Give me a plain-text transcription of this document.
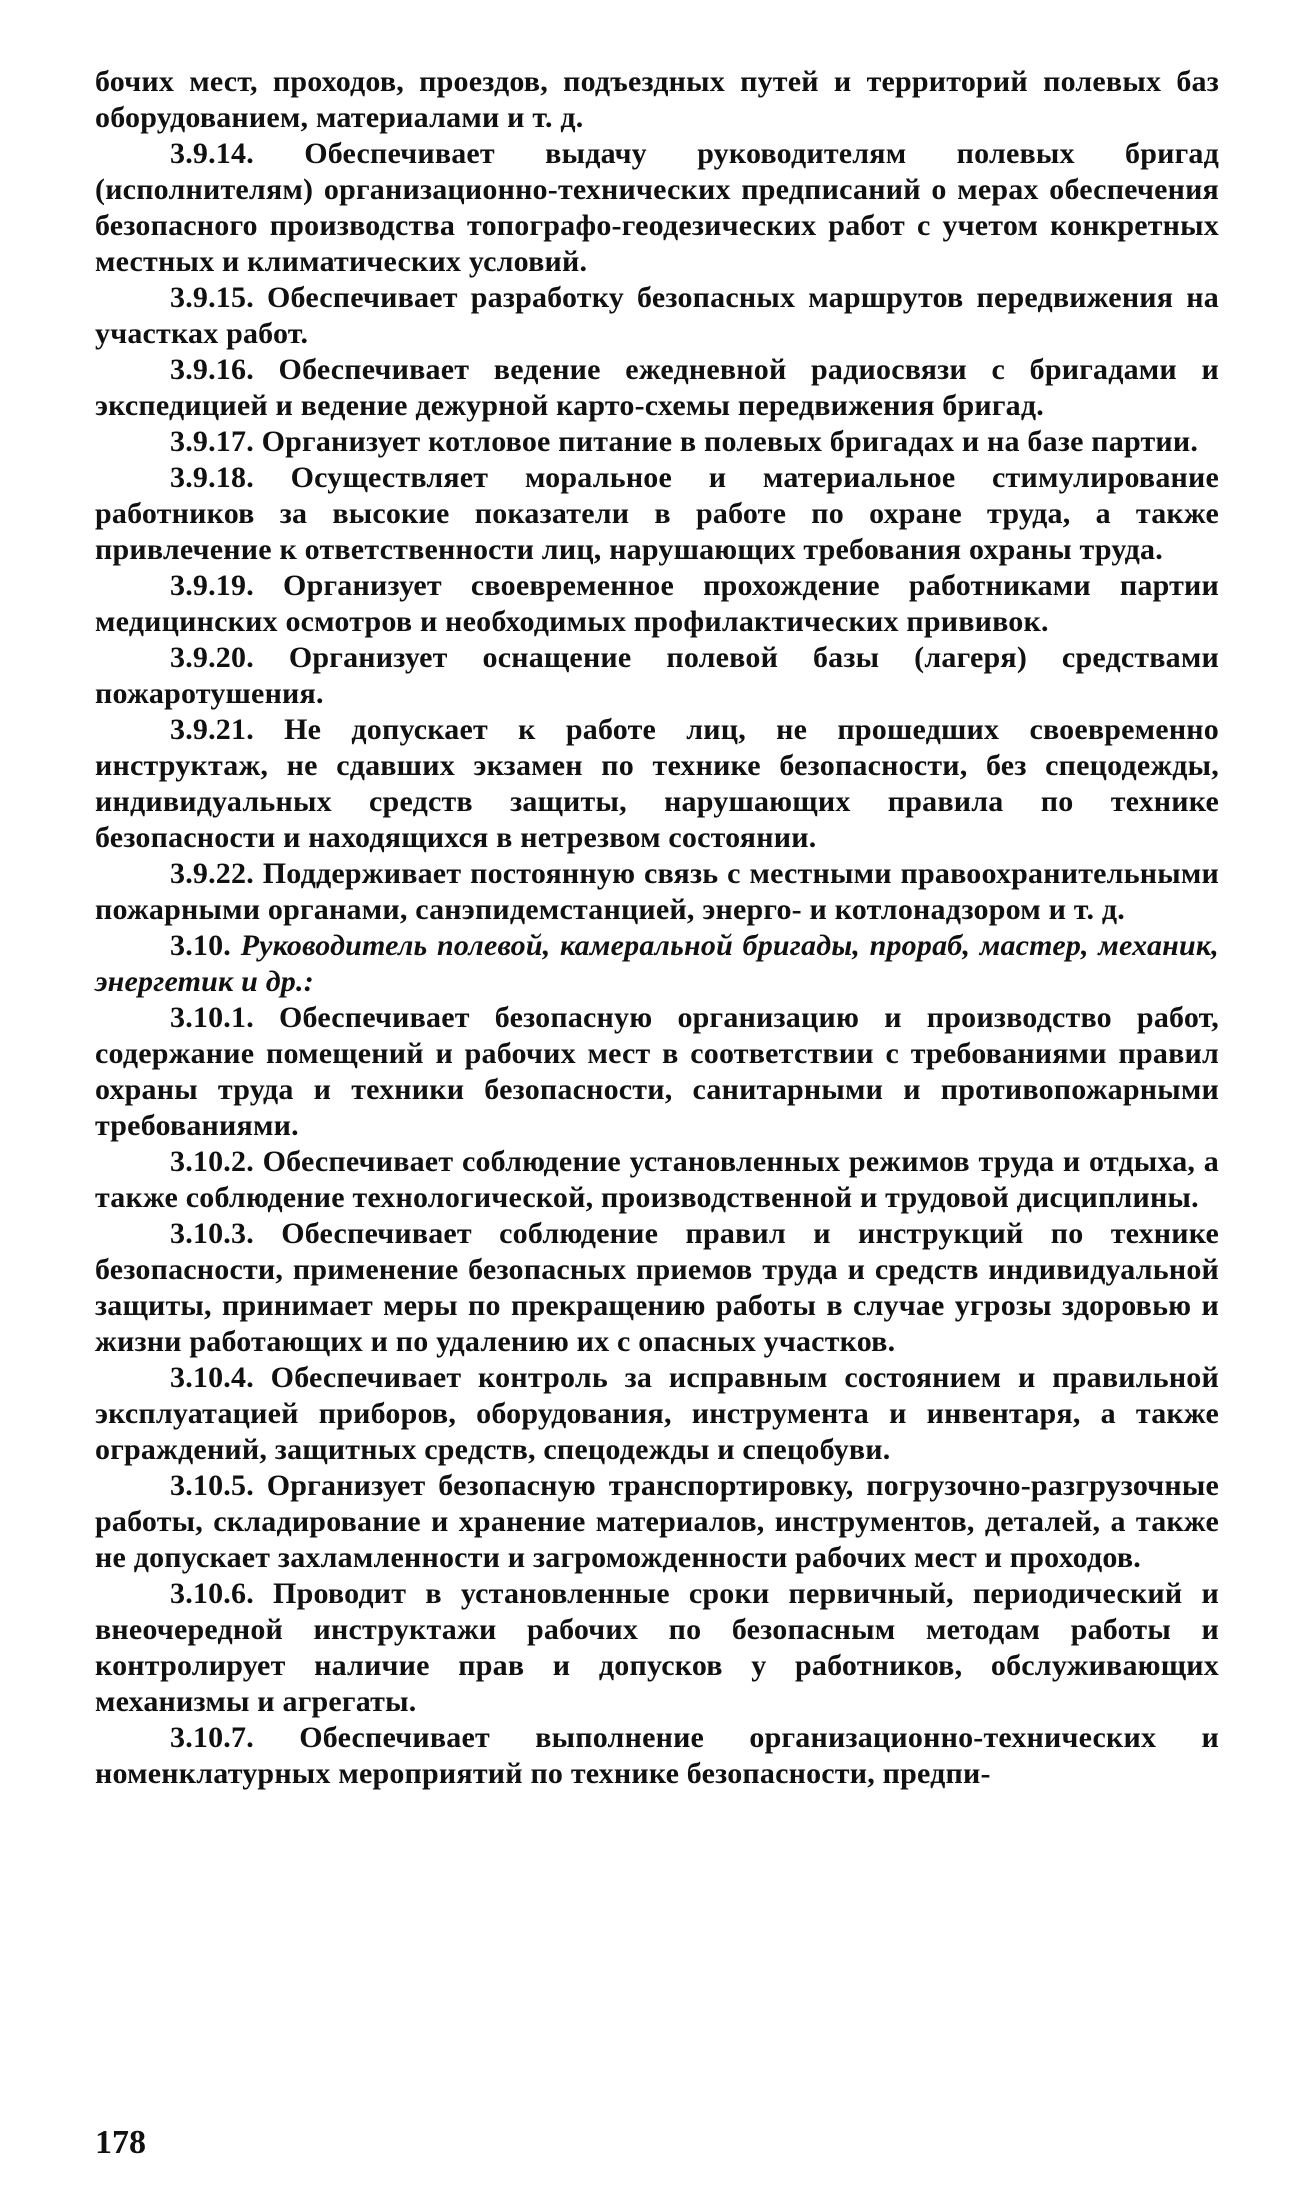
бочих мест, проходов, проездов, подъездных путей и территорий полевых баз оборудованием, материалами и т. д.

3.9.14. Обеспечивает выдачу руководителям полевых бригад (исполнителям) организационно-технических предписаний о мерах обеспечения безопасного производства топографо-геодезических работ с учетом конкретных местных и климатических условий.

3.9.15. Обеспечивает разработку безопасных маршрутов передвижения на участках работ.

3.9.16. Обеспечивает ведение ежедневной радиосвязи с бригадами и экспедицией и ведение дежурной карто-схемы передвижения бригад.

3.9.17. Организует котловое питание в полевых бригадах и на базе партии.

3.9.18. Осуществляет моральное и материальное стимулирование работников за высокие показатели в работе по охране труда, а также привлечение к ответственности лиц, нарушающих требования охраны труда.

3.9.19. Организует своевременное прохождение работниками партии медицинских осмотров и необходимых профилактических прививок.

3.9.20. Организует оснащение полевой базы (лагеря) средствами пожаротушения.

3.9.21. Не допускает к работе лиц, не прошедших своевременно инструктаж, не сдавших экзамен по технике безопасности, без спецодежды, индивидуальных средств защиты, нарушающих правила по технике безопасности и находящихся в нетрезвом состоянии.

3.9.22. Поддерживает постоянную связь с местными правоохранительными пожарными органами, санэпидемстанцией, энерго- и котлонадзором и т. д.

3.10. Руководитель полевой, камеральной бригады, прораб, мастер, механик, энергетик и др.:

3.10.1. Обеспечивает безопасную организацию и производство работ, содержание помещений и рабочих мест в соответствии с требованиями правил охраны труда и техники безопасности, санитарными и противопожарными требованиями.

3.10.2. Обеспечивает соблюдение установленных режимов труда и отдыха, а также соблюдение технологической, производственной и трудовой дисциплины.

3.10.3. Обеспечивает соблюдение правил и инструкций по технике безопасности, применение безопасных приемов труда и средств индивидуальной защиты, принимает меры по прекращению работы в случае угрозы здоровью и жизни работающих и по удалению их с опасных участков.

3.10.4. Обеспечивает контроль за исправным состоянием и правильной эксплуатацией приборов, оборудования, инструмента и инвентаря, а также ограждений, защитных средств, спецодежды и спецобуви.

3.10.5. Организует безопасную транспортировку, погрузочно-разгрузочные работы, складирование и хранение материалов, инструментов, деталей, а также не допускает захламленности и загроможденности рабочих мест и проходов.

3.10.6. Проводит в установленные сроки первичный, периодический и внеочередной инструктажи рабочих по безопасным методам работы и контролирует наличие прав и допусков у работников, обслуживающих механизмы и агрегаты.

3.10.7. Обеспечивает выполнение организационно-технических и номенклатурных мероприятий по технике безопасности, предпи-

178
